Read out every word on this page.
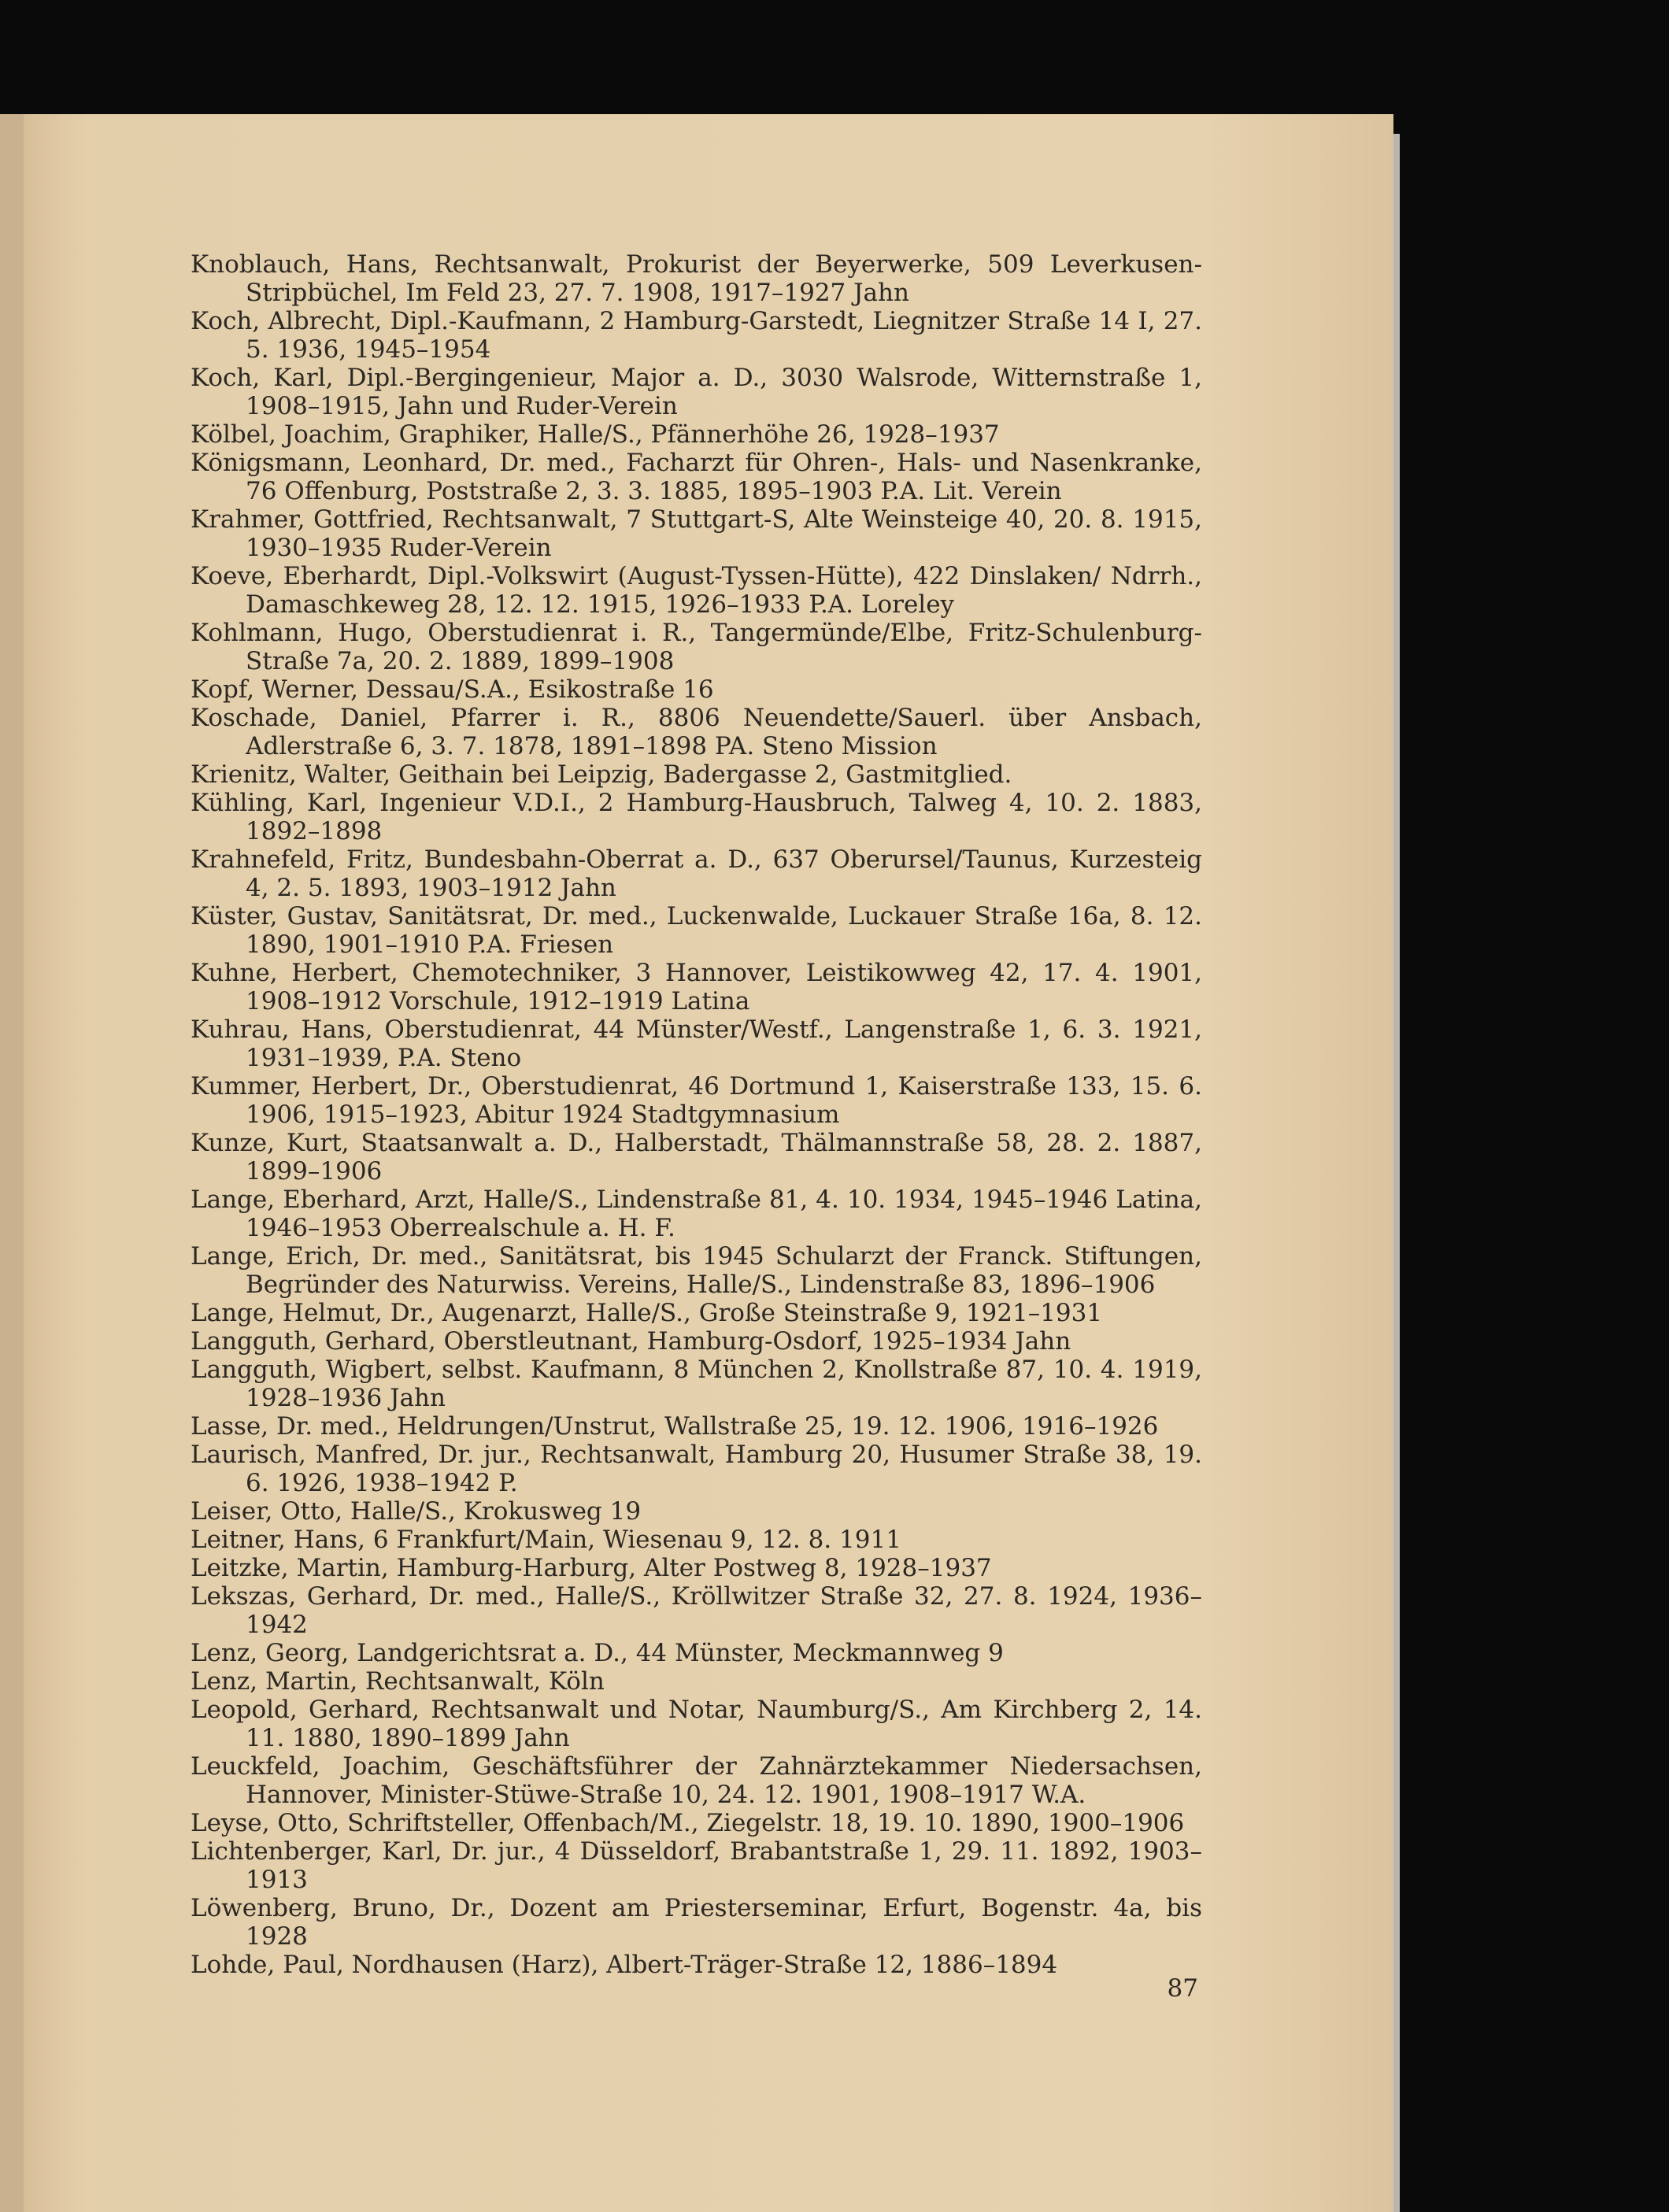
Knoblauch, Hans, Rechtsanwalt, Prokurist der Beyerwerke, 509 Leverkusen-Stripbüchel, Im Feld 23, 27. 7. 1908, 1917–1927 Jahn

Koch, Albrecht, Dipl.-Kaufmann, 2 Hamburg-Garstedt, Liegnitzer Straße 14 I, 27. 5. 1936, 1945–1954

Koch, Karl, Dipl.-Bergingenieur, Major a. D., 3030 Walsrode, Witternstraße 1, 1908–1915, Jahn und Ruder-Verein

Kölbel, Joachim, Graphiker, Halle/S., Pfännerhöhe 26, 1928–1937

Königsmann, Leonhard, Dr. med., Facharzt für Ohren-, Hals- und Nasenkranke, 76 Offenburg, Poststraße 2, 3. 3. 1885, 1895–1903 P.A. Lit. Verein

Krahmer, Gottfried, Rechtsanwalt, 7 Stuttgart-S, Alte Weinsteige 40, 20. 8. 1915, 1930–1935 Ruder-Verein

Koeve, Eberhardt, Dipl.-Volkswirt (August-Tyssen-Hütte), 422 Dinslaken/ Ndrrh., Damaschkeweg 28, 12. 12. 1915, 1926–1933 P.A. Loreley

Kohlmann, Hugo, Oberstudienrat i. R., Tangermünde/Elbe, Fritz-Schulenburg-Straße 7a, 20. 2. 1889, 1899–1908

Kopf, Werner, Dessau/S.A., Esikostraße 16

Koschade, Daniel, Pfarrer i. R., 8806 Neuendette/Sauerl. über Ansbach, Adlerstraße 6, 3. 7. 1878, 1891–1898 PA. Steno Mission

Krienitz, Walter, Geithain bei Leipzig, Badergasse 2, Gastmitglied.

Kühling, Karl, Ingenieur V.D.I., 2 Hamburg-Hausbruch, Talweg 4, 10. 2. 1883, 1892–1898

Krahnefeld, Fritz, Bundesbahn-Oberrat a. D., 637 Oberursel/Taunus, Kurzesteig 4, 2. 5. 1893, 1903–1912 Jahn

Küster, Gustav, Sanitätsrat, Dr. med., Luckenwalde, Luckauer Straße 16a, 8. 12. 1890, 1901–1910 P.A. Friesen

Kuhne, Herbert, Chemotechniker, 3 Hannover, Leistikowweg 42, 17. 4. 1901, 1908–1912 Vorschule, 1912–1919 Latina

Kuhrau, Hans, Oberstudienrat, 44 Münster/Westf., Langenstraße 1, 6. 3. 1921, 1931–1939, P.A. Steno

Kummer, Herbert, Dr., Oberstudienrat, 46 Dortmund 1, Kaiserstraße 133, 15. 6. 1906, 1915–1923, Abitur 1924 Stadtgymnasium

Kunze, Kurt, Staatsanwalt a. D., Halberstadt, Thälmannstraße 58, 28. 2. 1887, 1899–1906

Lange, Eberhard, Arzt, Halle/S., Lindenstraße 81, 4. 10. 1934, 1945–1946 Latina, 1946–1953 Oberrealschule a. H. F.

Lange, Erich, Dr. med., Sanitätsrat, bis 1945 Schularzt der Franck. Stiftungen, Begründer des Naturwiss. Vereins, Halle/S., Lindenstraße 83, 1896–1906

Lange, Helmut, Dr., Augenarzt, Halle/S., Große Steinstraße 9, 1921–1931

Langguth, Gerhard, Oberstleutnant, Hamburg-Osdorf, 1925–1934 Jahn

Langguth, Wigbert, selbst. Kaufmann, 8 München 2, Knollstraße 87, 10. 4. 1919, 1928–1936 Jahn

Lasse, Dr. med., Heldrungen/Unstrut, Wallstraße 25, 19. 12. 1906, 1916–1926

Laurisch, Manfred, Dr. jur., Rechtsanwalt, Hamburg 20, Husumer Straße 38, 19. 6. 1926, 1938–1942 P.

Leiser, Otto, Halle/S., Krokusweg 19

Leitner, Hans, 6 Frankfurt/Main, Wiesenau 9, 12. 8. 1911

Leitzke, Martin, Hamburg-Harburg, Alter Postweg 8, 1928–1937

Lekszas, Gerhard, Dr. med., Halle/S., Kröllwitzer Straße 32, 27. 8. 1924, 1936–1942

Lenz, Georg, Landgerichtsrat a. D., 44 Münster, Meckmannweg 9

Lenz, Martin, Rechtsanwalt, Köln

Leopold, Gerhard, Rechtsanwalt und Notar, Naumburg/S., Am Kirchberg 2, 14. 11. 1880, 1890–1899 Jahn

Leuckfeld, Joachim, Geschäftsführer der Zahnärztekammer Niedersachsen, Hannover, Minister-Stüwe-Straße 10, 24. 12. 1901, 1908–1917 W.A.

Leyse, Otto, Schriftsteller, Offenbach/M., Ziegelstr. 18, 19. 10. 1890, 1900–1906

Lichtenberger, Karl, Dr. jur., 4 Düsseldorf, Brabantstraße 1, 29. 11. 1892, 1903–1913

Löwenberg, Bruno, Dr., Dozent am Priesterseminar, Erfurt, Bogenstr. 4a, bis 1928

Lohde, Paul, Nordhausen (Harz), Albert-Träger-Straße 12, 1886–1894

87
